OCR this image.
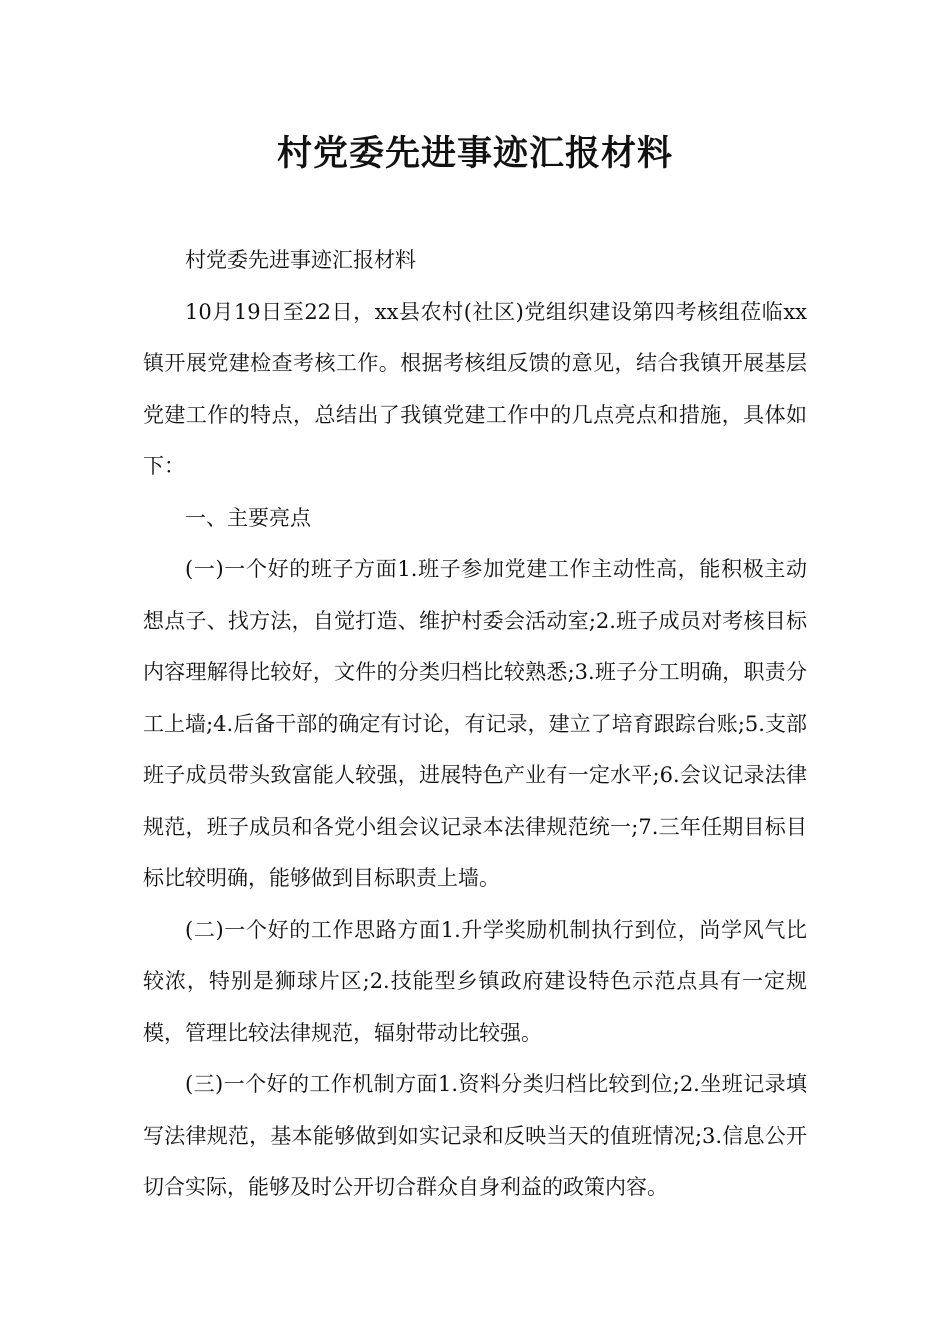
村党委先进事迹汇报材料

村党委先进事迹汇报材料

10月19日至22日，xx县农村(社区)党组织建设第四考核组莅临xx镇开展党建检查考核工作。根据考核组反馈的意见，结合我镇开展基层党建工作的特点，总结出了我镇党建工作中的几点亮点和措施，具体如下：

一、主要亮点

(一)一个好的班子方面1.班子参加党建工作主动性高，能积极主动想点子、找方法，自觉打造、维护村委会活动室;2.班子成员对考核目标内容理解得比较好，文件的分类归档比较熟悉;3.班子分工明确，职责分工上墙;4.后备干部的确定有讨论，有记录，建立了培育跟踪台账;5.支部班子成员带头致富能人较强，进展特色产业有一定水平;6.会议记录法律规范，班子成员和各党小组会议记录本法律规范统一;7.三年任期目标目标比较明确，能够做到目标职责上墙。

(二)一个好的工作思路方面1.升学奖励机制执行到位，尚学风气比较浓，特别是狮球片区;2.技能型乡镇政府建设特色示范点具有一定规模，管理比较法律规范，辐射带动比较强。

(三)一个好的工作机制方面1.资料分类归档比较到位;2.坐班记录填写法律规范，基本能够做到如实记录和反映当天的值班情况;3.信息公开切合实际，能够及时公开切合群众自身利益的政策内容。
